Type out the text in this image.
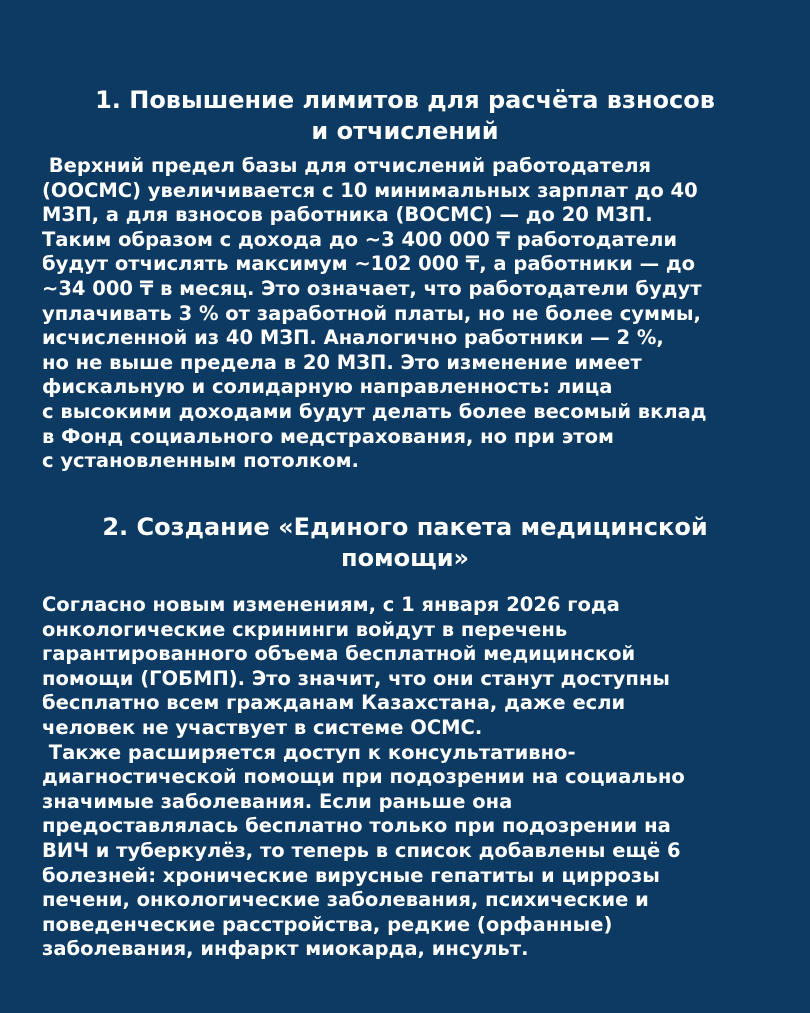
1. Повышение лимитов для расчёта взносов
и отчислений
Верхний предел базы для отчислений работодателя
(ООСМС) увеличивается с 10 минимальных зарплат до 40
МЗП, а для взносов работника (ВОСМС) — до 20 МЗП.
Таким образом с дохода до ~3 400 000 ₸ работодатели
будут отчислять максимум ~102 000 ₸, а работники — до
~34 000 ₸ в месяц. Это означает, что работодатели будут
уплачивать 3 % от заработной платы, но не более суммы,
исчисленной из 40 МЗП. Аналогично работники — 2 %,
но не выше предела в 20 МЗП. Это изменение имеет
фискальную и солидарную направленность: лица
с высокими доходами будут делать более весомый вклад
в Фонд социального медстрахования, но при этом
с установленным потолком.
2. Создание «Единого пакета медицинской
помощи»
Согласно новым изменениям, с 1 января 2026 года
онкологические скрининги войдут в перечень
гарантированного объема бесплатной медицинской
помощи (ГОБМП). Это значит, что они станут доступны
бесплатно всем гражданам Казахстана, даже если
человек не участвует в системе ОСМС.
Также расширяется доступ к консультативно-
диагностической помощи при подозрении на социально
значимые заболевания. Если раньше она
предоставлялась бесплатно только при подозрении на
ВИЧ и туберкулёз, то теперь в список добавлены ещё 6
болезней: хронические вирусные гепатиты и циррозы
печени, онкологические заболевания, психические и
поведенческие расстройства, редкие (орфанные)
заболевания, инфаркт миокарда, инсульт.
